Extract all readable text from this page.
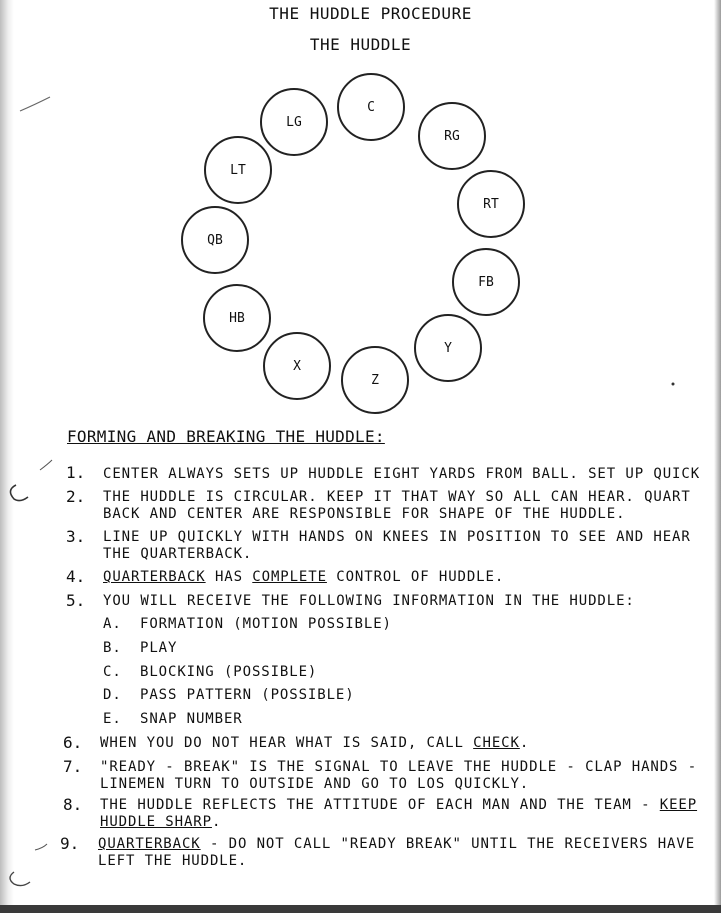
THE HUDDLE PROCEDURE
THE HUDDLE
C
RG
RT
FB
Y
Z
X
HB
QB
LT
LG
FORMING AND BREAKING THE HUDDLE:
1. CENTER ALWAYS SETS UP HUDDLE EIGHT YARDS FROM BALL. SET UP QUICK
2. THE HUDDLE IS CIRCULAR. KEEP IT THAT WAY SO ALL CAN HEAR. QUART
BACK AND CENTER ARE RESPONSIBLE FOR SHAPE OF THE HUDDLE.
3. LINE UP QUICKLY WITH HANDS ON KNEES IN POSITION TO SEE AND HEAR
THE QUARTERBACK.
4. QUARTERBACK HAS COMPLETE CONTROL OF HUDDLE.
5. YOU WILL RECEIVE THE FOLLOWING INFORMATION IN THE HUDDLE:
A. FORMATION (MOTION POSSIBLE)
B. PLAY
C. BLOCKING (POSSIBLE)
D. PASS PATTERN (POSSIBLE)
E. SNAP NUMBER
6. WHEN YOU DO NOT HEAR WHAT IS SAID, CALL CHECK.
7. "READY - BREAK" IS THE SIGNAL TO LEAVE THE HUDDLE - CLAP HANDS -
LINEMEN TURN TO OUTSIDE AND GO TO LOS QUICKLY.
8. THE HUDDLE REFLECTS THE ATTITUDE OF EACH MAN AND THE TEAM - KEEP
HUDDLE SHARP.
9. QUARTERBACK - DO NOT CALL "READY BREAK" UNTIL THE RECEIVERS HAVE
LEFT THE HUDDLE.
